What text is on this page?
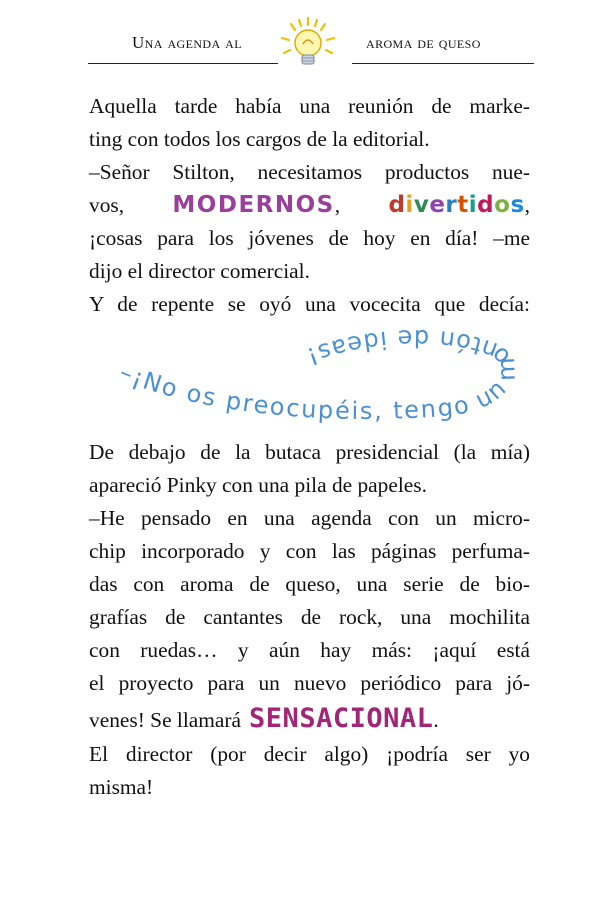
Una agenda al	aroma de queso
Aquella tarde había una reunión de marke-
ting con todos los cargos de la editorial.
–Señor Stilton, necesitamos productos nue-
vos, MODERNOS, divertidos,
¡cosas para los jóvenes de hoy en día! –me
dijo el director comercial.
Y de repente se oyó una vocecita que decía:
–¡No os preocupéis, tengo un montón de ideas!
De debajo de la butaca presidencial (la mía)
apareció Pinky con una pila de papeles.
–He pensado en una agenda con un micro-
chip incorporado y con las páginas perfuma-
das con aroma de queso, una serie de bio-
grafías de cantantes de rock, una mochilita
con ruedas… y aún hay más: ¡aquí está
el proyecto para un nuevo periódico para jó-
venes! Se llamará SENSACIONAL.
El director (por decir algo) ¡podría ser yo
misma!
